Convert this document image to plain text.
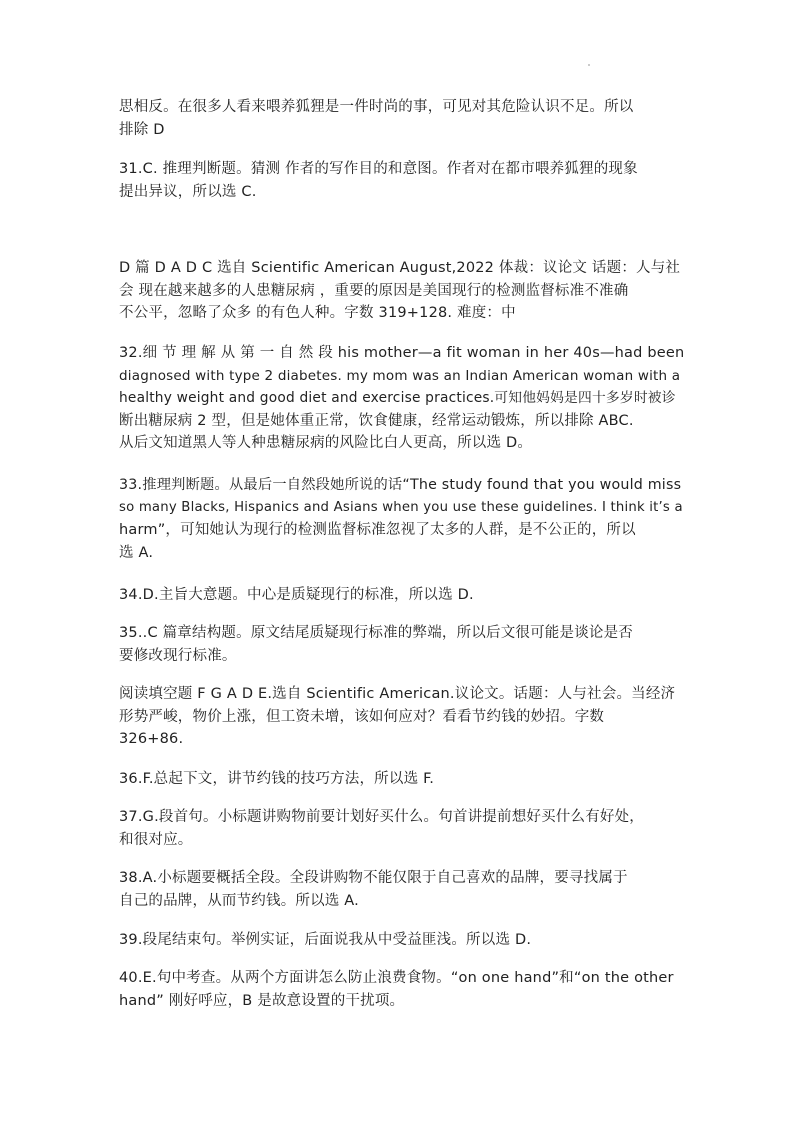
思相反。在很多人看来喂养狐狸是一件时尚的事，可见对其危险认识不足。所以
排除 D
31.C. 推理判断题。猜测 作者的写作目的和意图。作者对在都市喂养狐狸的现象
提出异议，所以选 C.
D 篇 D A D C 选自 Scientific American August,2022 体裁：议论文 话题：人与社
会 现在越来越多的人患糖尿病 ，重要的原因是美国现行的检测监督标准不准确
不公平，忽略了众多 的有色人种。字数 319+128. 难度：中
32.细 节 理 解 从 第 一 自 然 段 his mother—a fit woman in her 40s—had been
diagnosed with type 2 diabetes. my mom was an Indian American woman with a
healthy weight and good diet and exercise practices.可知他妈妈是四十多岁时被诊
断出糖尿病 2 型，但是她体重正常，饮食健康，经常运动锻炼，所以排除 ABC.
从后文知道黑人等人种患糖尿病的风险比白人更高，所以选 D。
33.推理判断题。从最后一自然段她所说的话“The study found that you would miss
so many Blacks, Hispanics and Asians when you use these guidelines. I think it’s a
harm”，可知她认为现行的检测监督标准忽视了太多的人群，是不公正的，所以
选 A.
34.D.主旨大意题。中心是质疑现行的标准，所以选 D.
35..C 篇章结构题。原文结尾质疑现行标准的弊端，所以后文很可能是谈论是否
要修改现行标准。
阅读填空题 F G A D E.选自 Scientific American.议论文。话题：人与社会。当经济
形势严峻，物价上涨，但工资未增，该如何应对？看看节约钱的妙招。字数
326+86.
36.F.总起下文，讲节约钱的技巧方法，所以选 F.
37.G.段首句。小标题讲购物前要计划好买什么。句首讲提前想好买什么有好处，
和很对应。
38.A.小标题要概括全段。全段讲购物不能仅限于自己喜欢的品牌，要寻找属于
自己的品牌，从而节约钱。所以选 A.
39.段尾结束句。举例实证，后面说我从中受益匪浅。所以选 D.
40.E.句中考查。从两个方面讲怎么防止浪费食物。“on one hand”和“on the other
hand” 刚好呼应，B 是故意设置的干扰项。
